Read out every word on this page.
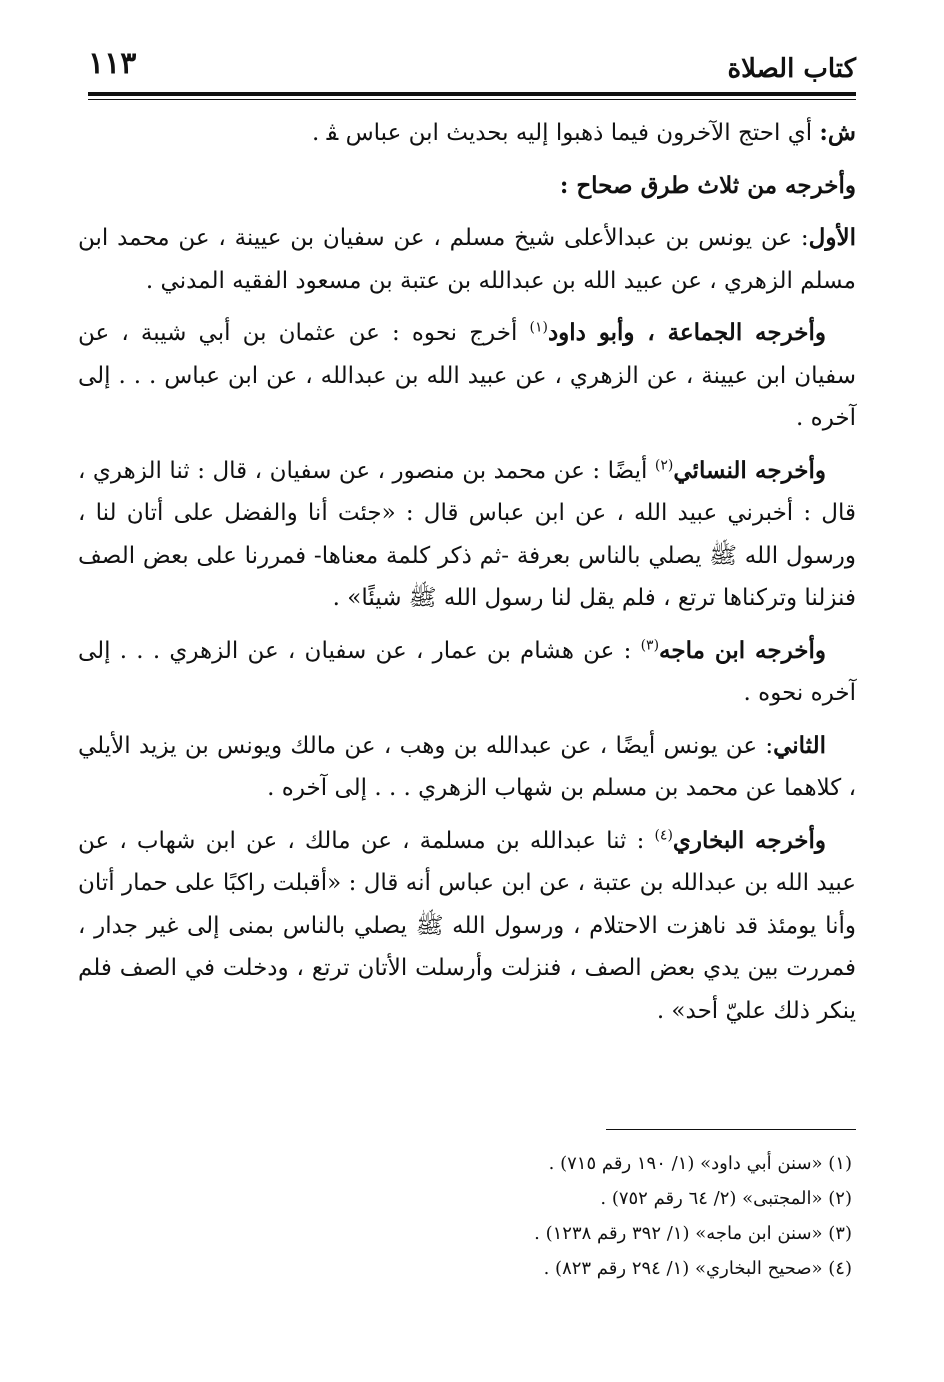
كتاب الصلاة
١١٣

ش: أي احتج الآخرون فيما ذهبوا إليه بحديث ابن عباس ﭭ .

وأخرجه من ثلاث طرق صحاح :

الأول: عن يونس بن عبدالأعلى شيخ مسلم ، عن سفيان بن عيينة ، عن محمد ابن مسلم الزهري ، عن عبيد الله بن عبدالله بن عتبة بن مسعود الفقيه المدني .

وأخرجه الجماعة ، وأبو داود$^{(١)}$ أخرج نحوه : عن عثمان بن أبي شيبة ، عن سفيان ابن عيينة ، عن الزهري ، عن عبيد الله بن عبدالله ، عن ابن عباس . . . إلى آخره .

وأخرجه النسائي$^{(٢)}$ أيضًا : عن محمد بن منصور ، عن سفيان ، قال : ثنا الزهري ، قال : أخبرني عبيد الله ، عن ابن عباس قال : «جئت أنا والفضل على أتان لنا ، ورسول الله ﷺ يصلي بالناس بعرفة -ثم ذكر كلمة معناها- فمررنا على بعض الصف فنزلنا وتركناها ترتع ، فلم يقل لنا رسول الله ﷺ شيئًا» .

وأخرجه ابن ماجه$^{(٣)}$ : عن هشام بن عمار ، عن سفيان ، عن الزهري . . . إلى آخره نحوه .

الثاني: عن يونس أيضًا ، عن عبدالله بن وهب ، عن مالك ويونس بن يزيد الأيلي ، كلاهما عن محمد بن مسلم بن شهاب الزهري . . . إلى آخره .

وأخرجه البخاري$^{(٤)}$ : ثنا عبدالله بن مسلمة ، عن مالك ، عن ابن شهاب ، عن عبيد الله بن عبدالله بن عتبة ، عن ابن عباس أنه قال : «أقبلت راكبًا على حمار أتان وأنا يومئذ قد ناهزت الاحتلام ، ورسول الله ﷺ يصلي بالناس بمنى إلى غير جدار ، فمررت بين يدي بعض الصف ، فنزلت وأرسلت الأتان ترتع ، ودخلت في الصف فلم ينكر ذلك عليّ أحد» .

(١) «سنن أبي داود» (١/ ١٩٠ رقم ٧١٥) .

(٢) «المجتبى» (٢/ ٦٤ رقم ٧٥٢) .

(٣) «سنن ابن ماجه» (١/ ٣٩٢ رقم ١٢٣٨) .

(٤) «صحيح البخاري» (١/ ٢٩٤ رقم ٨٢٣) .
